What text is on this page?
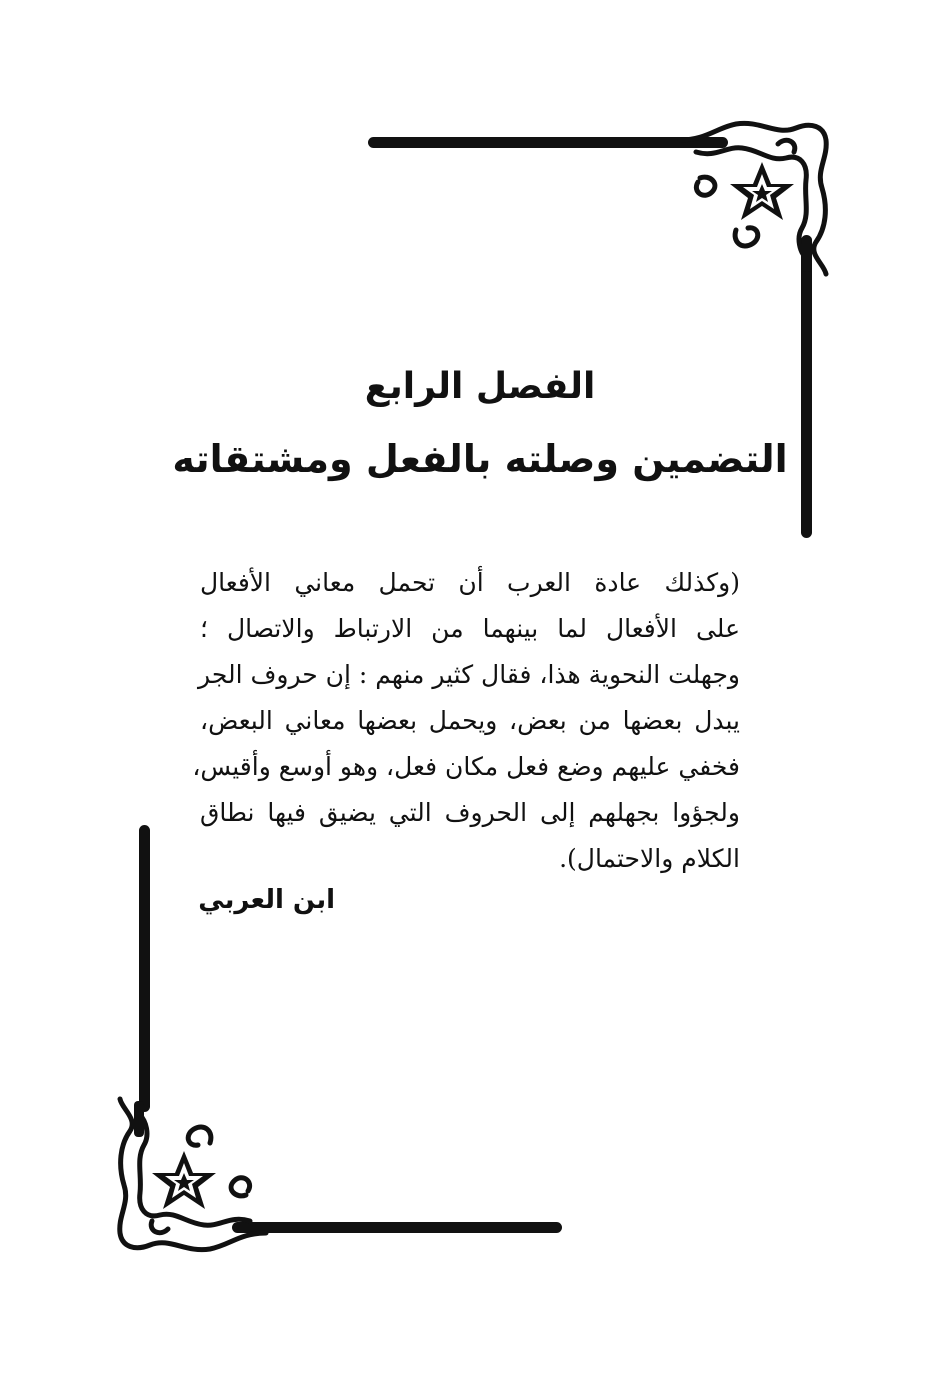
الفصل الرابع
التضمين وصلته بالفعل ومشتقاته
(وكذلك عادة العرب أن تحمل معاني الأفعال
على الأفعال لما بينهما من الارتباط والاتصال ؛
وجهلت النحوية هذا، فقال كثير منهم : إن حروف الجر
يبدل بعضها من بعض، ويحمل بعضها معاني البعض،
فخفي عليهم وضع فعل مكان فعل، وهو أوسع وأقيس،
ولجؤوا بجهلهم إلى الحروف التي يضيق فيها نطاق
الكلام والاحتمال).
ابن العربي
